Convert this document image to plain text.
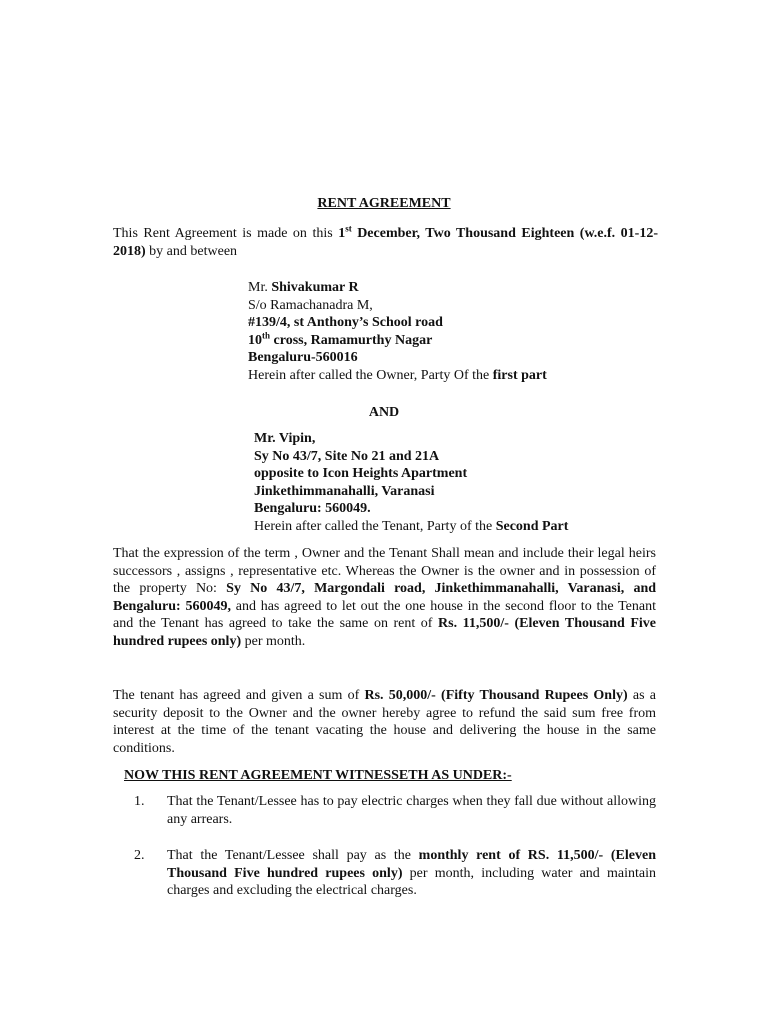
RENT AGREEMENT
This Rent Agreement is made on this 1st December, Two Thousand Eighteen (w.e.f. 01-12-2018) by and between
Mr. Shivakumar R
S/o Ramachanadra M,
#139/4, st Anthony’s School road
10th cross, Ramamurthy Nagar
Bengaluru-560016
Herein after called the Owner, Party Of the first part
AND
Mr. Vipin,
Sy No 43/7, Site No 21 and 21A
opposite to Icon Heights Apartment
Jinkethimmanahalli, Varanasi
Bengaluru: 560049.
Herein after called the Tenant, Party of the Second Part
That the expression of the term , Owner and the Tenant Shall mean and include their legal heirs successors , assigns , representative etc. Whereas the Owner is the owner and in possession of the property No: Sy No 43/7, Margondali road, Jinkethimmanahalli, Varanasi, and Bengaluru: 560049, and has agreed to let out the one house in the second floor to the Tenant and the Tenant has agreed to take the same on rent of Rs. 11,500/- (Eleven Thousand Five hundred rupees only) per month.
The tenant has agreed and given a sum of Rs. 50,000/- (Fifty Thousand Rupees Only) as a security deposit to the Owner and the owner hereby agree to refund the said sum free from interest at the time of the tenant vacating the house and delivering the house in the same conditions.
NOW THIS RENT AGREEMENT WITNESSETH AS UNDER:-
1.	That the Tenant/Lessee has to pay electric charges when they fall due without allowing any arrears.
2.	That the Tenant/Lessee shall pay as the monthly rent of RS. 11,500/- (Eleven Thousand Five hundred rupees only) per month, including water and maintain charges and excluding the electrical charges.
